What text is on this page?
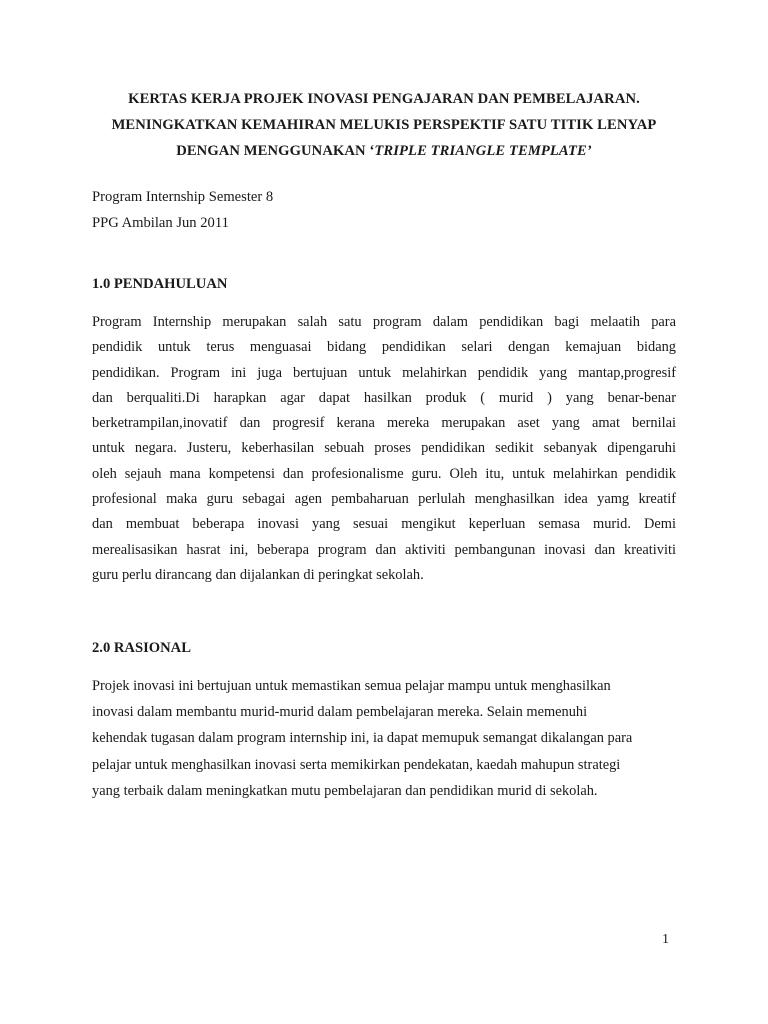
KERTAS KERJA PROJEK INOVASI PENGAJARAN DAN PEMBELAJARAN.
MENINGKATKAN KEMAHIRAN MELUKIS PERSPEKTIF SATU TITIK LENYAP
DENGAN MENGGUNAKAN ‘TRIPLE TRIANGLE TEMPLATE’
Program Internship Semester 8
PPG Ambilan Jun 2011
1.0 PENDAHULUAN
Program Internship merupakan salah satu program dalam pendidikan bagi melaatih para
pendidik untuk terus menguasai bidang pendidikan selari dengan kemajuan bidang
pendidikan. Program ini juga bertujuan untuk melahirkan pendidik yang mantap,progresif
dan berqualiti.Di harapkan agar dapat hasilkan produk ( murid ) yang benar-benar
berketrampilan,inovatif dan progresif kerana mereka merupakan aset yang amat bernilai
untuk negara. Justeru, keberhasilan sebuah proses pendidikan sedikit sebanyak dipengaruhi
oleh sejauh mana kompetensi dan profesionalisme guru. Oleh itu, untuk melahirkan pendidik
profesional maka guru sebagai agen pembaharuan perlulah menghasilkan idea yamg kreatif
dan membuat beberapa inovasi yang sesuai mengikut keperluan semasa murid. Demi
merealisasikan hasrat ini, beberapa program dan aktiviti pembangunan inovasi dan kreativiti
guru perlu dirancang dan dijalankan di peringkat sekolah.
2.0 RASIONAL
Projek inovasi ini bertujuan untuk memastikan semua pelajar mampu untuk menghasilkan
inovasi dalam membantu murid-murid dalam pembelajaran mereka. Selain memenuhi
kehendak tugasan dalam program internship ini, ia dapat memupuk semangat dikalangan para
pelajar untuk menghasilkan inovasi serta memikirkan pendekatan, kaedah mahupun strategi
yang terbaik dalam meningkatkan mutu pembelajaran dan pendidikan murid di sekolah.
1
